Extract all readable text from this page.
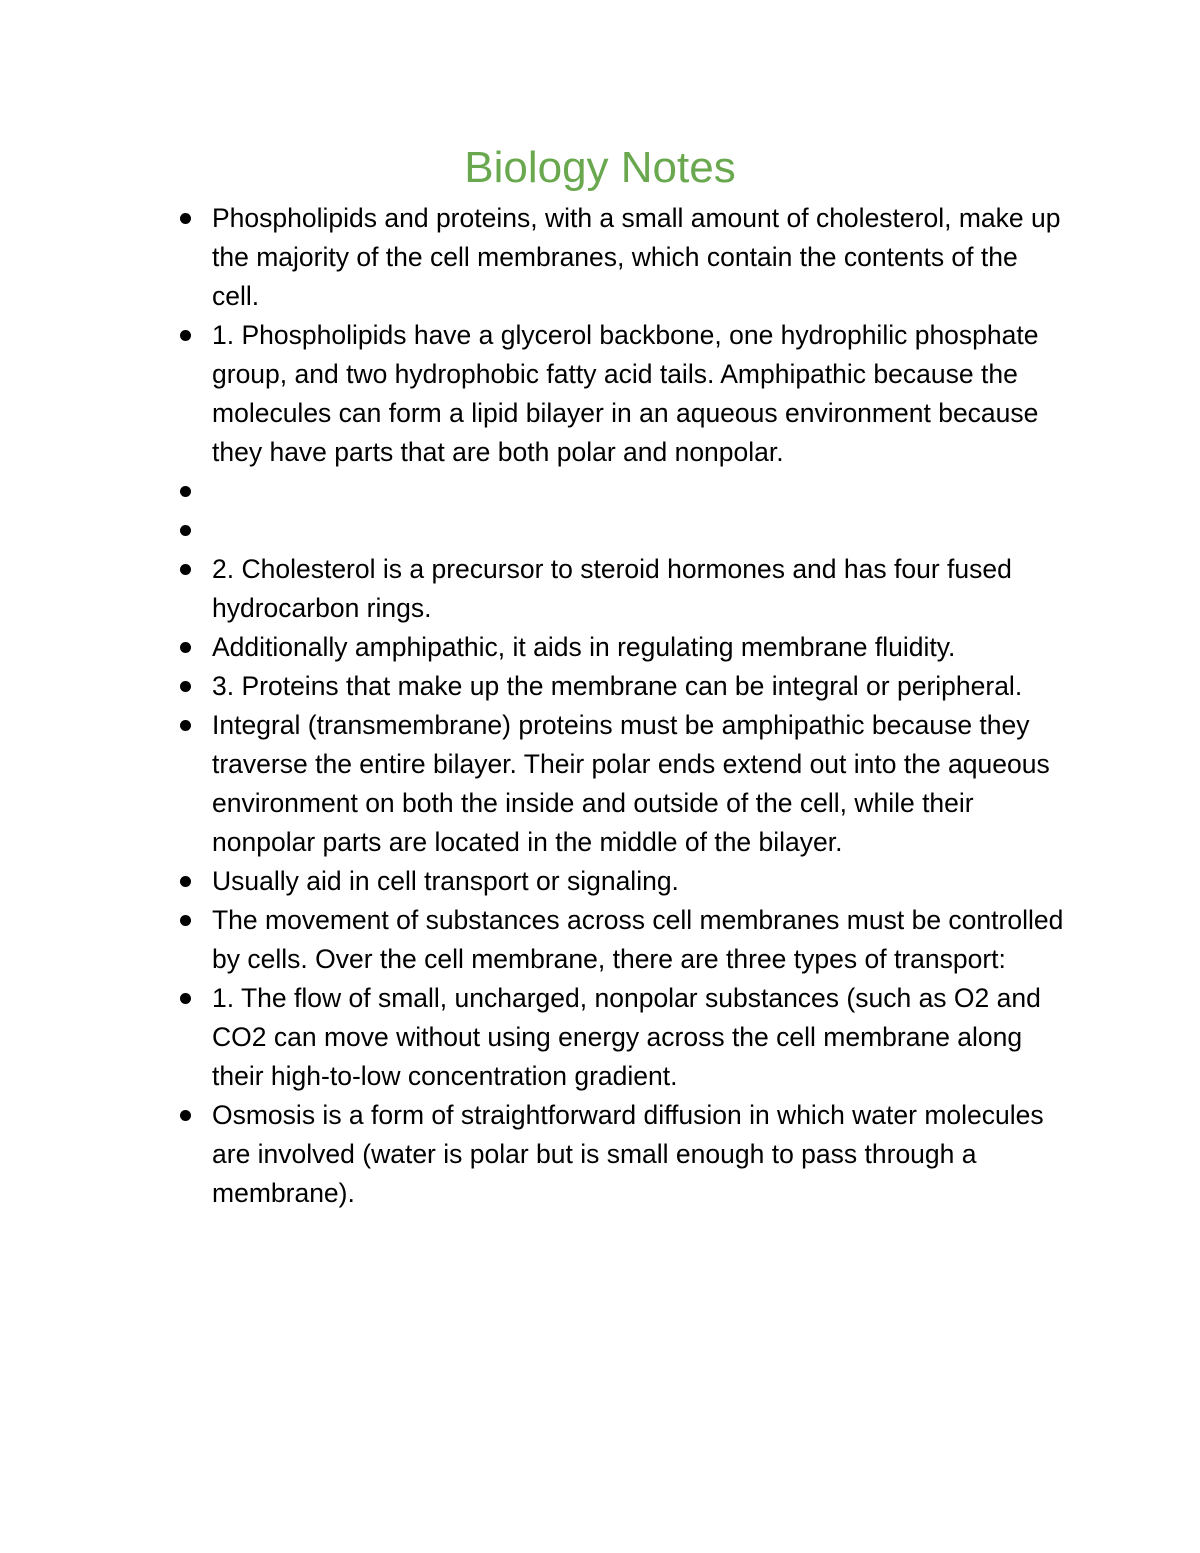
Biology Notes
Phospholipids and proteins, with a small amount of cholesterol, make up the majority of the cell membranes, which contain the contents of the cell.
1. Phospholipids have a glycerol backbone, one hydrophilic phosphate group, and two hydrophobic fatty acid tails. Amphipathic because the molecules can form a lipid bilayer in an aqueous environment because they have parts that are both polar and nonpolar.
2. Cholesterol is a precursor to steroid hormones and has four fused hydrocarbon rings.
Additionally amphipathic, it aids in regulating membrane fluidity.
3. Proteins that make up the membrane can be integral or peripheral.
Integral (transmembrane) proteins must be amphipathic because they traverse the entire bilayer. Their polar ends extend out into the aqueous environment on both the inside and outside of the cell, while their nonpolar parts are located in the middle of the bilayer.
Usually aid in cell transport or signaling.
The movement of substances across cell membranes must be controlled by cells. Over the cell membrane, there are three types of transport:
1. The flow of small, uncharged, nonpolar substances (such as O2 and CO2 can move without using energy across the cell membrane along their high-to-low concentration gradient.
Osmosis is a form of straightforward diffusion in which water molecules are involved (water is polar but is small enough to pass through a membrane).
